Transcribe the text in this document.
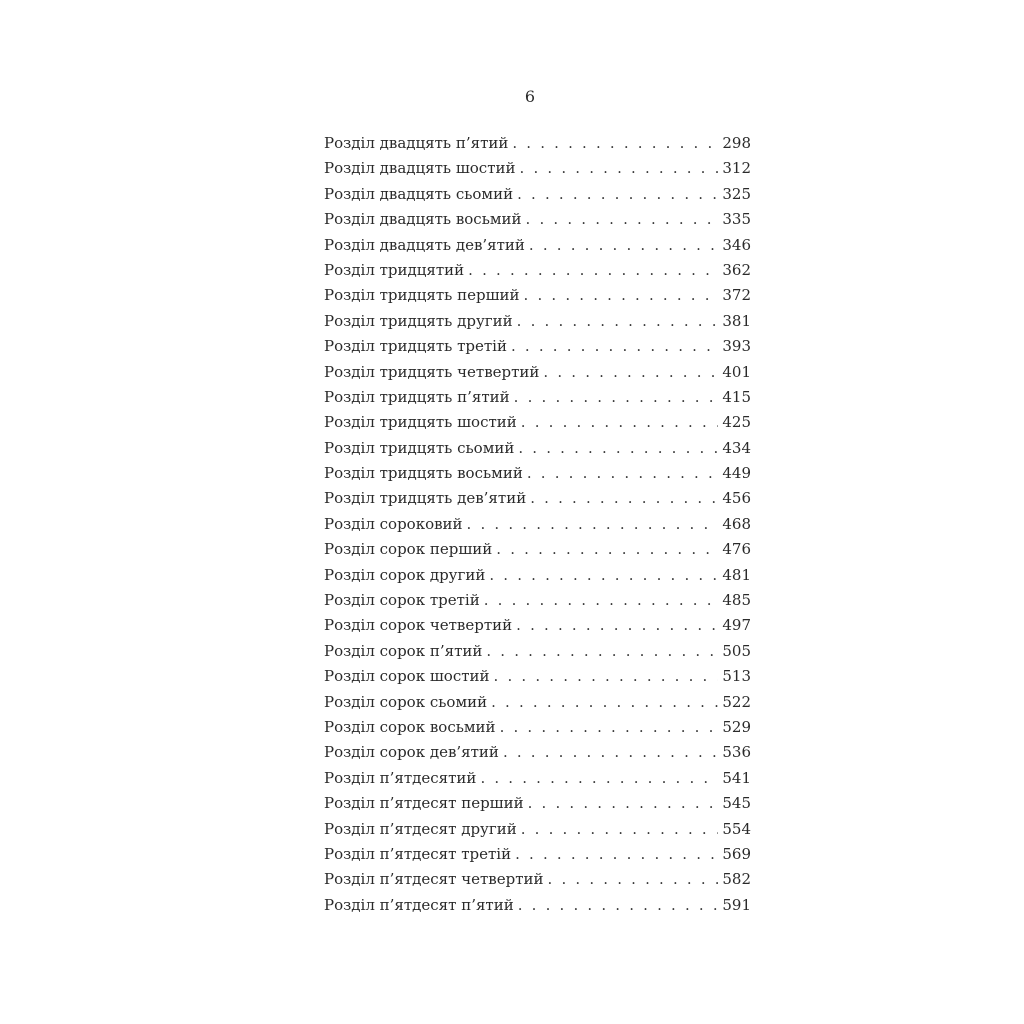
6
Розділ двадцять п’ятий . . .	298
Розділ двадцять шостий . . .	312
Розділ двадцять сьомий . . .	325
Розділ двадцять восьмий . . .	335
Розділ двадцять дев’ятий . . .	346
Розділ тридцятий . . .	362
Розділ тридцять перший . . .	372
Розділ тридцять другий . . .	381
Розділ тридцять третій . . .	393
Розділ тридцять четвертий . . .	401
Розділ тридцять п’ятий . . .	415
Розділ тридцять шостий . . .	425
Розділ тридцять сьомий . . .	434
Розділ тридцять восьмий . . .	449
Розділ тридцять дев’ятий . . .	456
Розділ сороковий . . .	468
Розділ сорок перший . . .	476
Розділ сорок другий . . .	481
Розділ сорок третій . . .	485
Розділ сорок четвертий . . .	497
Розділ сорок п’ятий . . .	505
Розділ сорок шостий . . .	513
Розділ сорок сьомий . . .	522
Розділ сорок восьмий . . .	529
Розділ сорок дев’ятий . . .	536
Розділ п’ятдесятий . . .	541
Розділ п’ятдесят перший . . .	545
Розділ п’ятдесят другий . . .	554
Розділ п’ятдесят третій . . .	569
Розділ п’ятдесят четвертий . . .	582
Розділ п’ятдесят п’ятий . . .	591
